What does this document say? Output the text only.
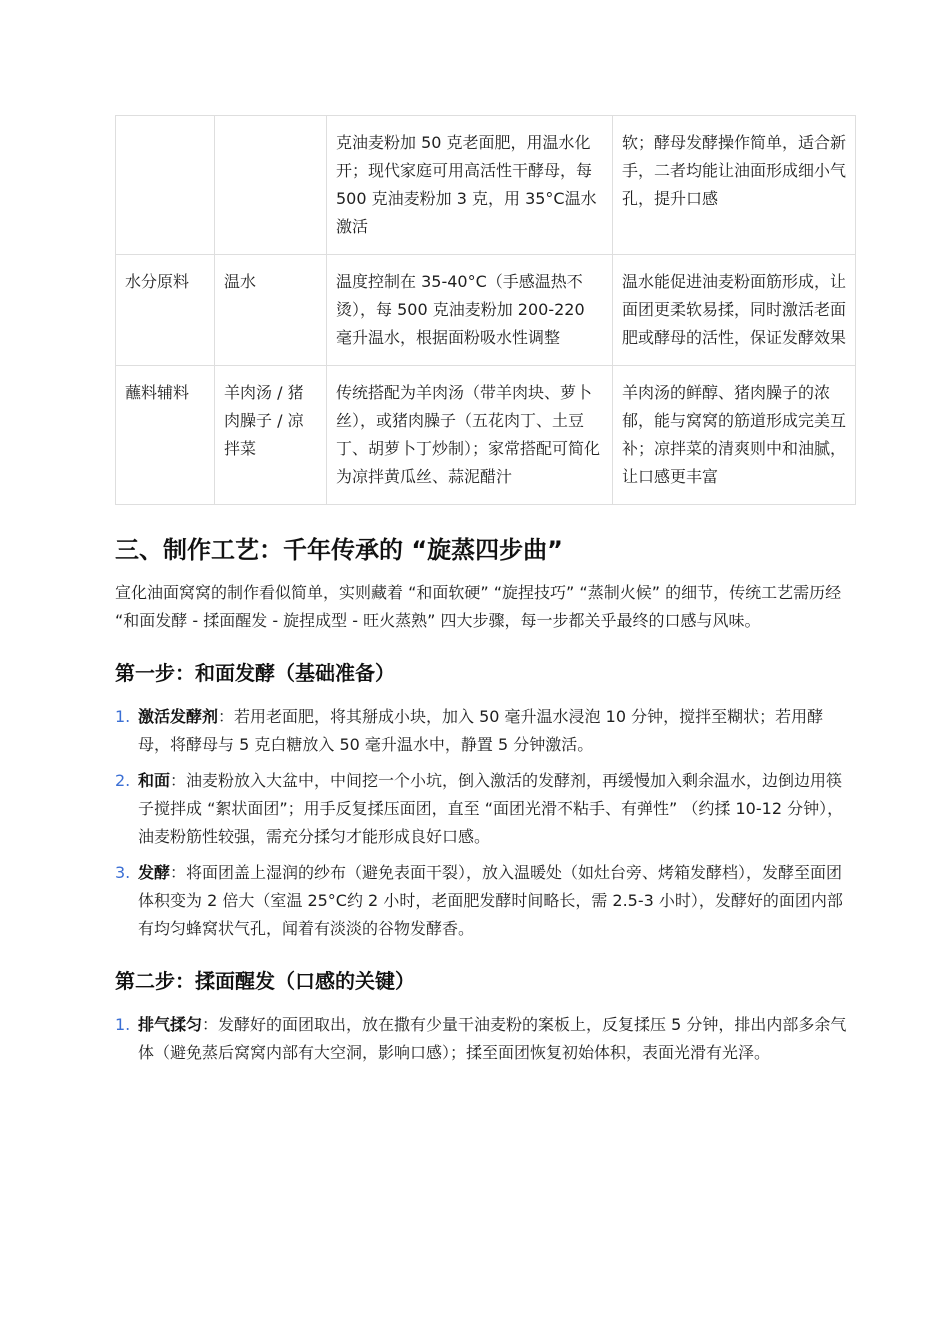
		克油麦粉加 50 克老面肥，用温水化开；现代家庭可用高活性干酵母，每 500 克油麦粉加 3 克，用 35°C温水激活	软；酵母发酵操作简单，适合新手，二者均能让油面形成细小气孔，提升口感
水分原料	温水	温度控制在 35-40°C（手感温热不烫），每 500 克油麦粉加 200-220 毫升温水，根据面粉吸水性调整	温水能促进油麦粉面筋形成，让面团更柔软易揉，同时激活老面肥或酵母的活性，保证发酵效果
蘸料辅料	羊肉汤 / 猪肉臊子 / 凉拌菜	传统搭配为羊肉汤（带羊肉块、萝卜丝），或猪肉臊子（五花肉丁、土豆丁、胡萝卜丁炒制）；家常搭配可简化为凉拌黄瓜丝、蒜泥醋汁	羊肉汤的鲜醇、猪肉臊子的浓郁，能与窝窝的筋道形成完美互补；凉拌菜的清爽则中和油腻，让口感更丰富
三、制作工艺：千年传承的 “旋蒸四步曲”

宣化油面窝窝的制作看似简单，实则藏着 “和面软硬” “旋捏技巧” “蒸制火候” 的细节，传统工艺需历经 “和面发酵 - 揉面醒发 - 旋捏成型 - 旺火蒸熟” 四大步骤，每一步都关乎最终的口感与风味。

第一步：和面发酵（基础准备）
1. 激活发酵剂：若用老面肥，将其掰成小块，加入 50 毫升温水浸泡 10 分钟，搅拌至糊状；若用酵母，将酵母与 5 克白糖放入 50 毫升温水中，静置 5 分钟激活。
2. 和面：油麦粉放入大盆中，中间挖一个小坑，倒入激活的发酵剂，再缓慢加入剩余温水，边倒边用筷子搅拌成 “絮状面团”；用手反复揉压面团，直至 “面团光滑不粘手、有弹性” （约揉 10-12 分钟），油麦粉筋性较强，需充分揉匀才能形成良好口感。
3. 发酵：将面团盖上湿润的纱布（避免表面干裂），放入温暖处（如灶台旁、烤箱发酵档），发酵至面团体积变为 2 倍大（室温 25°C约 2 小时，老面肥发酵时间略长，需 2.5-3 小时），发酵好的面团内部有均匀蜂窝状气孔，闻着有淡淡的谷物发酵香。
第二步：揉面醒发（口感的关键）
1. 排气揉匀：发酵好的面团取出，放在撒有少量干油麦粉的案板上，反复揉压 5 分钟，排出内部多余气体（避免蒸后窝窝内部有大空洞，影响口感）；揉至面团恢复初始体积，表面光滑有光泽。
